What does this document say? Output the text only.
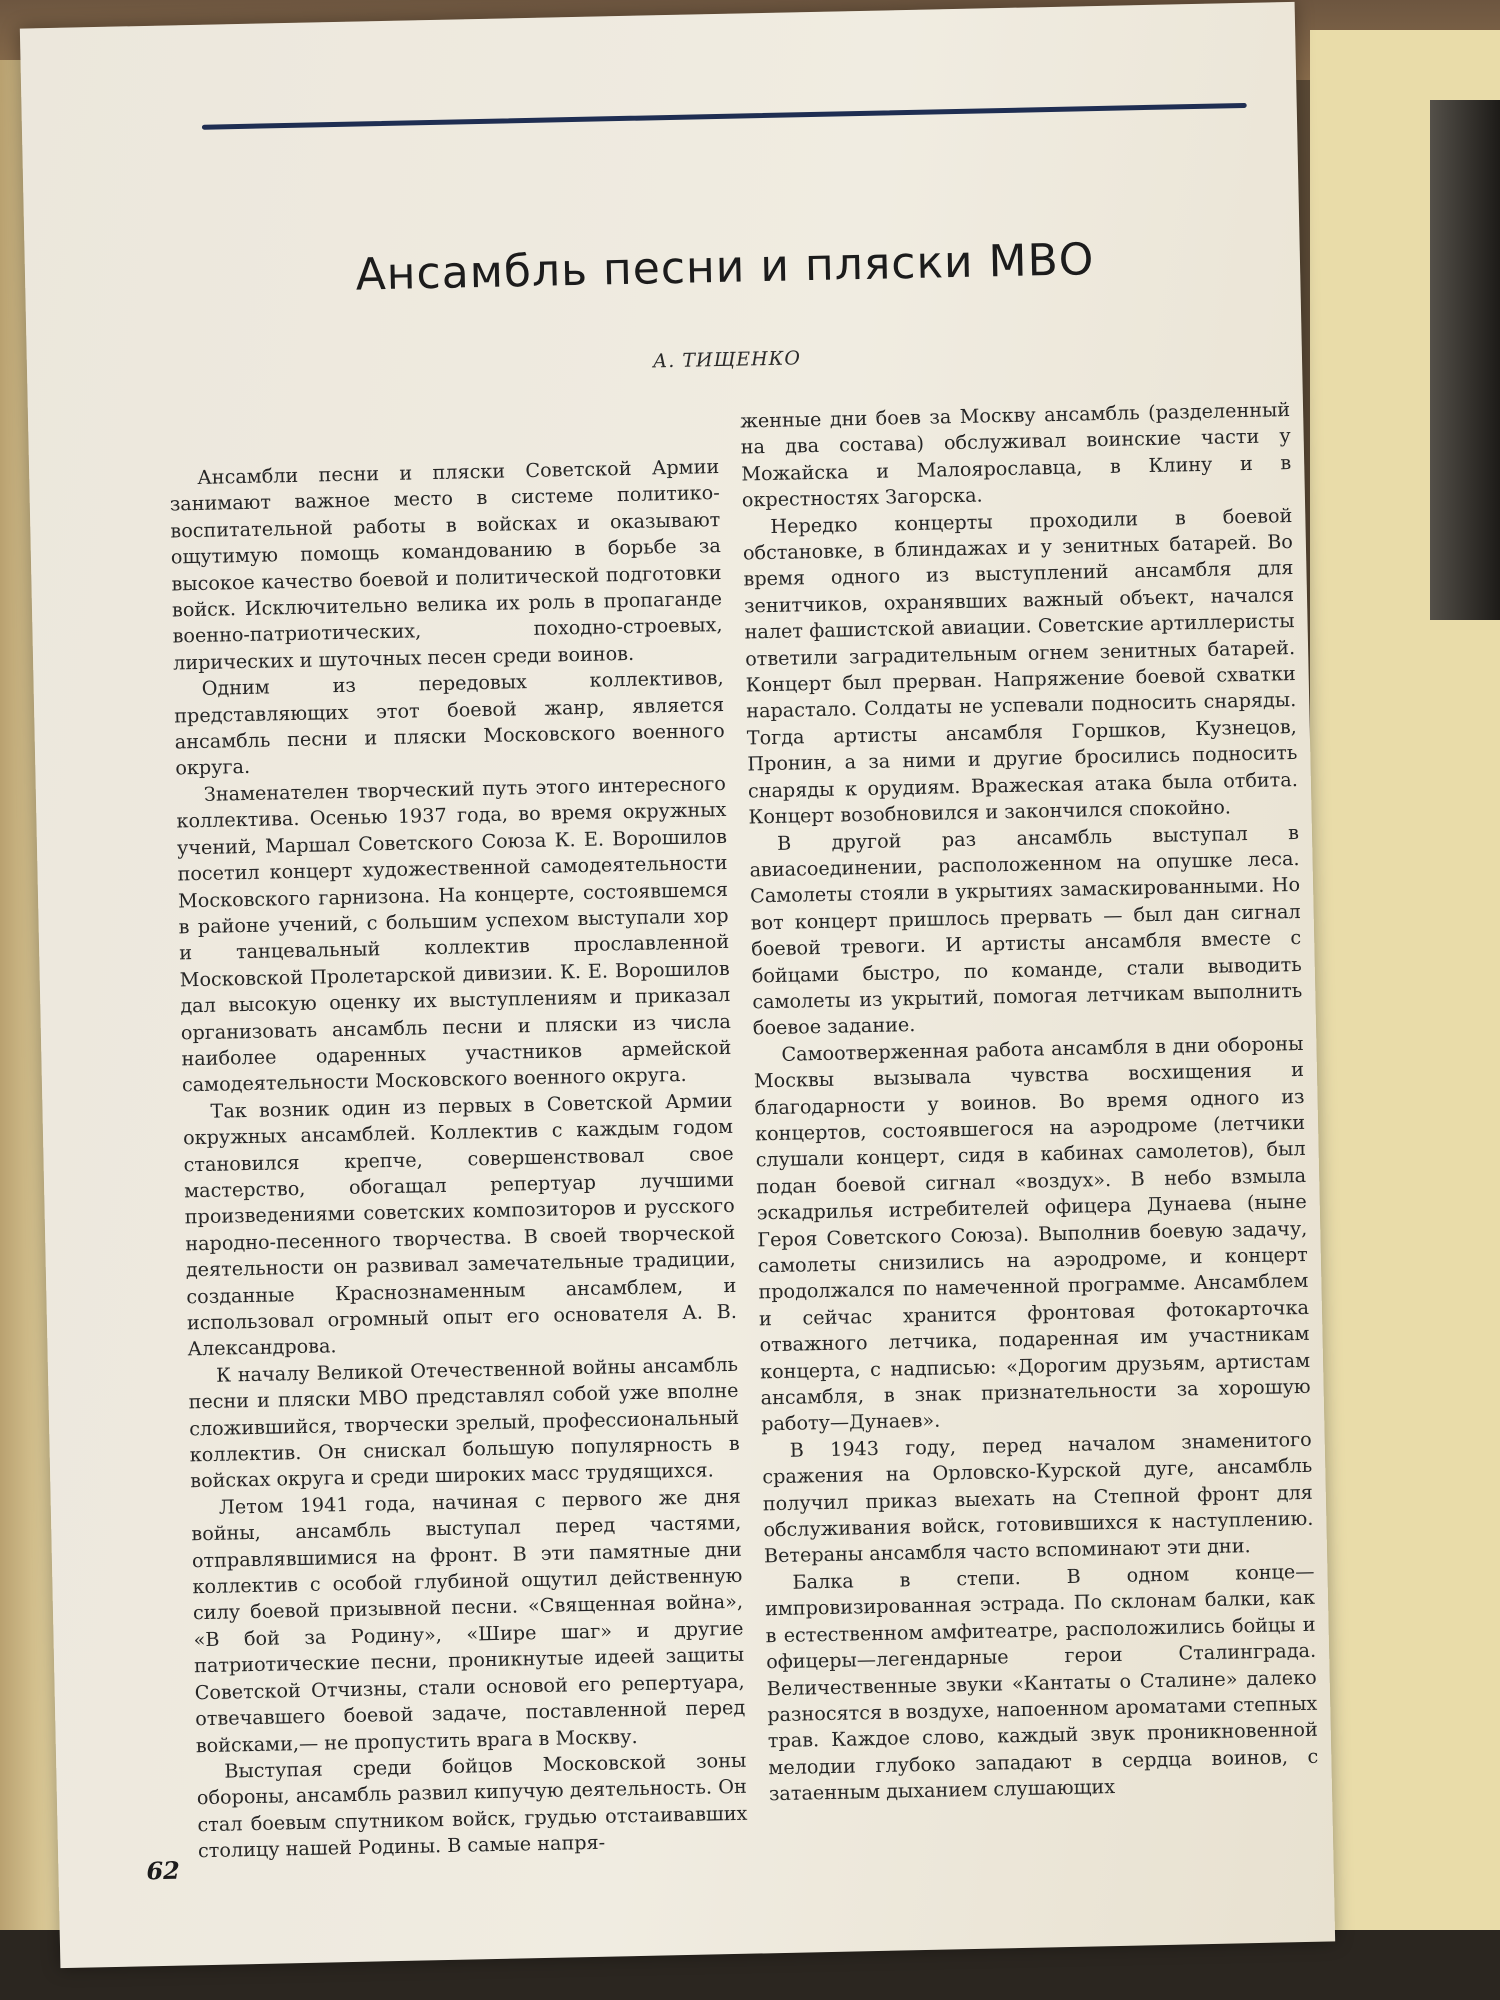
Ансамбль песни и пляски МВО
А. ТИЩЕНКО

Ансамбли песни и пляски Советской Армии занимают важное место в системе политико-воспитательной работы в войсках и оказывают ощутимую помощь командованию в борьбе за высокое качество боевой и политической подготовки войск. Исключительно велика их роль в пропаганде военно-патриотических, походно-строевых, лирических и шуточных песен среди воинов.

Одним из передовых коллективов, представляющих этот боевой жанр, является ансамбль песни и пляски Московского военного округа.

Знаменателен творческий путь этого интересного коллектива. Осенью 1937 года, во время окружных учений, Маршал Советского Союза К. Е. Ворошилов посетил концерт художественной самодеятельности Московского гарнизона. На концерте, состоявшемся в районе учений, с большим успехом выступали хор и танцевальный коллектив прославленной Московской Пролетарской дивизии. К. Е. Ворошилов дал высокую оценку их выступлениям и приказал организовать ансамбль песни и пляски из числа наиболее одаренных участников армейской самодеятельности Московского военного округа.

Так возник один из первых в Советской Армии окружных ансамблей. Коллектив с каждым годом становился крепче, совершенствовал свое мастерство, обогащал репертуар лучшими произведениями советских композиторов и русского народно-песенного творчества. В своей творческой деятельности он развивал замечательные традиции, созданные Краснознаменным ансамблем, и использовал огромный опыт его основателя А. В. Александрова.

К началу Великой Отечественной войны ансамбль песни и пляски МВО представлял собой уже вполне сложившийся, творчески зрелый, профессиональный коллектив. Он снискал большую популярность в войсках округа и среди широких масс трудящихся.

Летом 1941 года, начиная с первого же дня войны, ансамбль выступал перед частями, отправлявшимися на фронт. В эти памятные дни коллектив с особой глубиной ощутил действенную силу боевой призывной песни. «Священная война», «В бой за Родину», «Шире шаг» и другие патриотические песни, проникнутые идеей защиты Советской Отчизны, стали основой его репертуара, отвечавшего боевой задаче, поставленной перед войсками,— не пропустить врага в Москву.

Выступая среди бойцов Московской зоны обороны, ансамбль развил кипучую деятельность. Он стал боевым спутником войск, грудью отстаивавших столицу нашей Родины. В самые напря-

женные дни боев за Москву ансамбль (разделенный на два состава) обслуживал воинские части у Можайска и Малоярославца, в Клину и в окрестностях Загорска.

Нередко концерты проходили в боевой обстановке, в блиндажах и у зенитных батарей. Во время одного из выступлений ансамбля для зенитчиков, охранявших важный объект, начался налет фашистской авиации. Советские артиллеристы ответили заградительным огнем зенитных батарей. Концерт был прерван. Напряжение боевой схватки нарастало. Солдаты не успевали подносить снаряды. Тогда артисты ансамбля Горшков, Кузнецов, Пронин, а за ними и другие бросились подносить снаряды к орудиям. Вражеская атака была отбита. Концерт возобновился и закончился спокойно.

В другой раз ансамбль выступал в авиасоединении, расположенном на опушке леса. Самолеты стояли в укрытиях замаскированными. Но вот концерт пришлось прервать — был дан сигнал боевой тревоги. И артисты ансамбля вместе с бойцами быстро, по команде, стали выводить самолеты из укрытий, помогая летчикам выполнить боевое задание.

Самоотверженная работа ансамбля в дни обороны Москвы вызывала чувства восхищения и благодарности у воинов. Во время одного из концертов, состоявшегося на аэродроме (летчики слушали концерт, сидя в кабинах самолетов), был подан боевой сигнал «воздух». В небо взмыла эскадрилья истребителей офицера Дунаева (ныне Героя Советского Союза). Выполнив боевую задачу, самолеты снизились на аэродроме, и концерт продолжался по намеченной программе. Ансамблем и сейчас хранится фронтовая фотокарточка отважного летчика, подаренная им участникам концерта, с надписью: «Дорогим друзьям, артистам ансамбля, в знак признательности за хорошую работу—Дунаев».

В 1943 году, перед началом знаменитого сражения на Орловско-Курской дуге, ансамбль получил приказ выехать на Степной фронт для обслуживания войск, готовившихся к наступлению. Ветераны ансамбля часто вспоминают эти дни.

Балка в степи. В одном конце—импровизированная эстрада. По склонам балки, как в естественном амфитеатре, расположились бойцы и офицеры—легендарные герои Сталинграда. Величественные звуки «Кантаты о Сталине» далеко разносятся в воздухе, напоенном ароматами степных трав. Каждое слово, каждый звук проникновенной мелодии глубоко западают в сердца воинов, с затаенным дыханием слушающих

62
